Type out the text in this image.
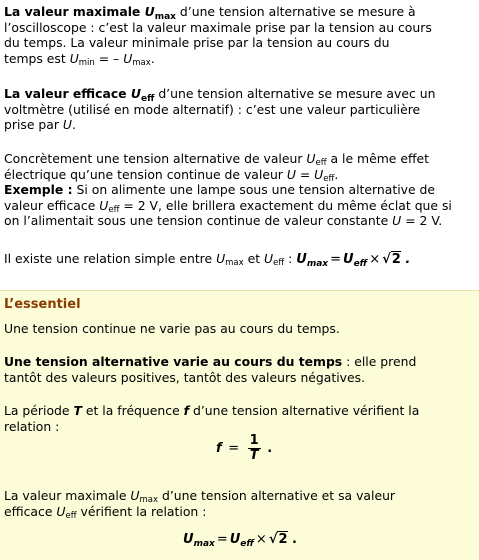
La valeur maximale $U_{max}$ d’une tension alternative se mesure à

l’oscilloscope : c’est la valeur maximale prise par la tension au cours

du temps. La valeur minimale prise par la tension au cours du

temps est $U_{min}$ = – $U_{max}$.

La valeur efficace $U_{eff}$ d’une tension alternative se mesure avec un

voltmètre (utilisé en mode alternatif) : c’est une valeur particulière

prise par U.

Concrètement une tension alternative de valeur $U_{eff}$ a le même effet

électrique qu’une tension continue de valeur $U = U_{eff}$.

Exemple : Si on alimente une lampe sous une tension alternative de

valeur efficace $U_{eff} = 2$ V, elle brillera exactement du même éclat que si

on l’alimentait sous une tension continue de valeur constante U = 2 V.

Il existe une relation simple entre $U_{max}$ et $U_{eff}$ : $U_{max} = U_{eff} \times √2$ .

L’essentiel

Une tension continue ne varie pas au cours du temps.

Une tension alternative varie au cours du temps : elle prend

tantôt des valeurs positives, tantôt des valeurs négatives.

La période T et la fréquence f d’une tension alternative vérifient la

relation :

$f = \frac{1}{T}$ .

La valeur maximale $U_{max}$ d’une tension alternative et sa valeur

efficace $U_{eff}$ vérifient la relation :

$U_{max} = U_{eff} \times √2$ .
